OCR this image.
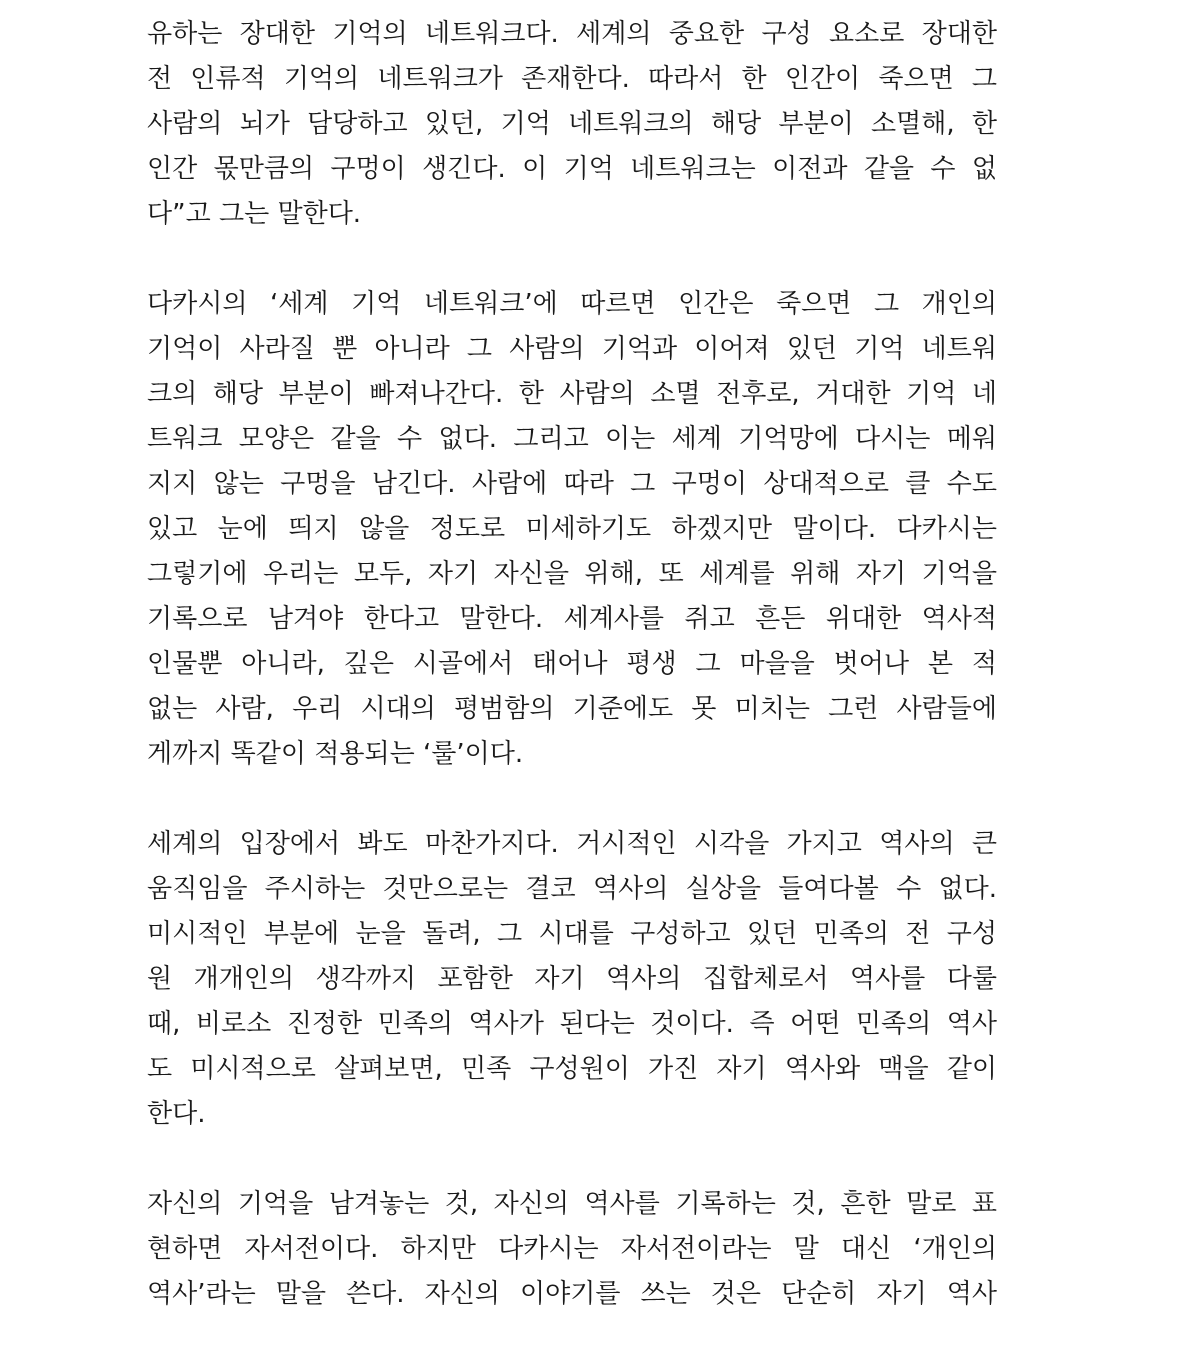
유하는 장대한 기억의 네트워크다. 세계의 중요한 구성 요소로 장대한
전 인류적 기억의 네트워크가 존재한다. 따라서 한 인간이 죽으면 그
사람의 뇌가 담당하고 있던, 기억 네트워크의 해당 부분이 소멸해, 한
인간 몫만큼의 구멍이 생긴다. 이 기억 네트워크는 이전과 같을 수 없
다”고 그는 말한다.
다카시의 ‘세계 기억 네트워크’에 따르면 인간은 죽으면 그 개인의
기억이 사라질 뿐 아니라 그 사람의 기억과 이어져 있던 기억 네트워
크의 해당 부분이 빠져나간다. 한 사람의 소멸 전후로, 거대한 기억 네
트워크 모양은 같을 수 없다. 그리고 이는 세계 기억망에 다시는 메워
지지 않는 구멍을 남긴다. 사람에 따라 그 구멍이 상대적으로 클 수도
있고 눈에 띄지 않을 정도로 미세하기도 하겠지만 말이다. 다카시는
그렇기에 우리는 모두, 자기 자신을 위해, 또 세계를 위해 자기 기억을
기록으로 남겨야 한다고 말한다. 세계사를 쥐고 흔든 위대한 역사적
인물뿐 아니라, 깊은 시골에서 태어나 평생 그 마을을 벗어나 본 적
없는 사람, 우리 시대의 평범함의 기준에도 못 미치는 그런 사람들에
게까지 똑같이 적용되는 ‘룰’이다.
세계의 입장에서 봐도 마찬가지다. 거시적인 시각을 가지고 역사의 큰
움직임을 주시하는 것만으로는 결코 역사의 실상을 들여다볼 수 없다.
미시적인 부분에 눈을 돌려, 그 시대를 구성하고 있던 민족의 전 구성
원 개개인의 생각까지 포함한 자기 역사의 집합체로서 역사를 다룰
때, 비로소 진정한 민족의 역사가 된다는 것이다. 즉 어떤 민족의 역사
도 미시적으로 살펴보면, 민족 구성원이 가진 자기 역사와 맥을 같이
한다.
자신의 기억을 남겨놓는 것, 자신의 역사를 기록하는 것, 흔한 말로 표
현하면 자서전이다. 하지만 다카시는 자서전이라는 말 대신 ‘개인의
역사’라는 말을 쓴다. 자신의 이야기를 쓰는 것은 단순히 자기 역사
